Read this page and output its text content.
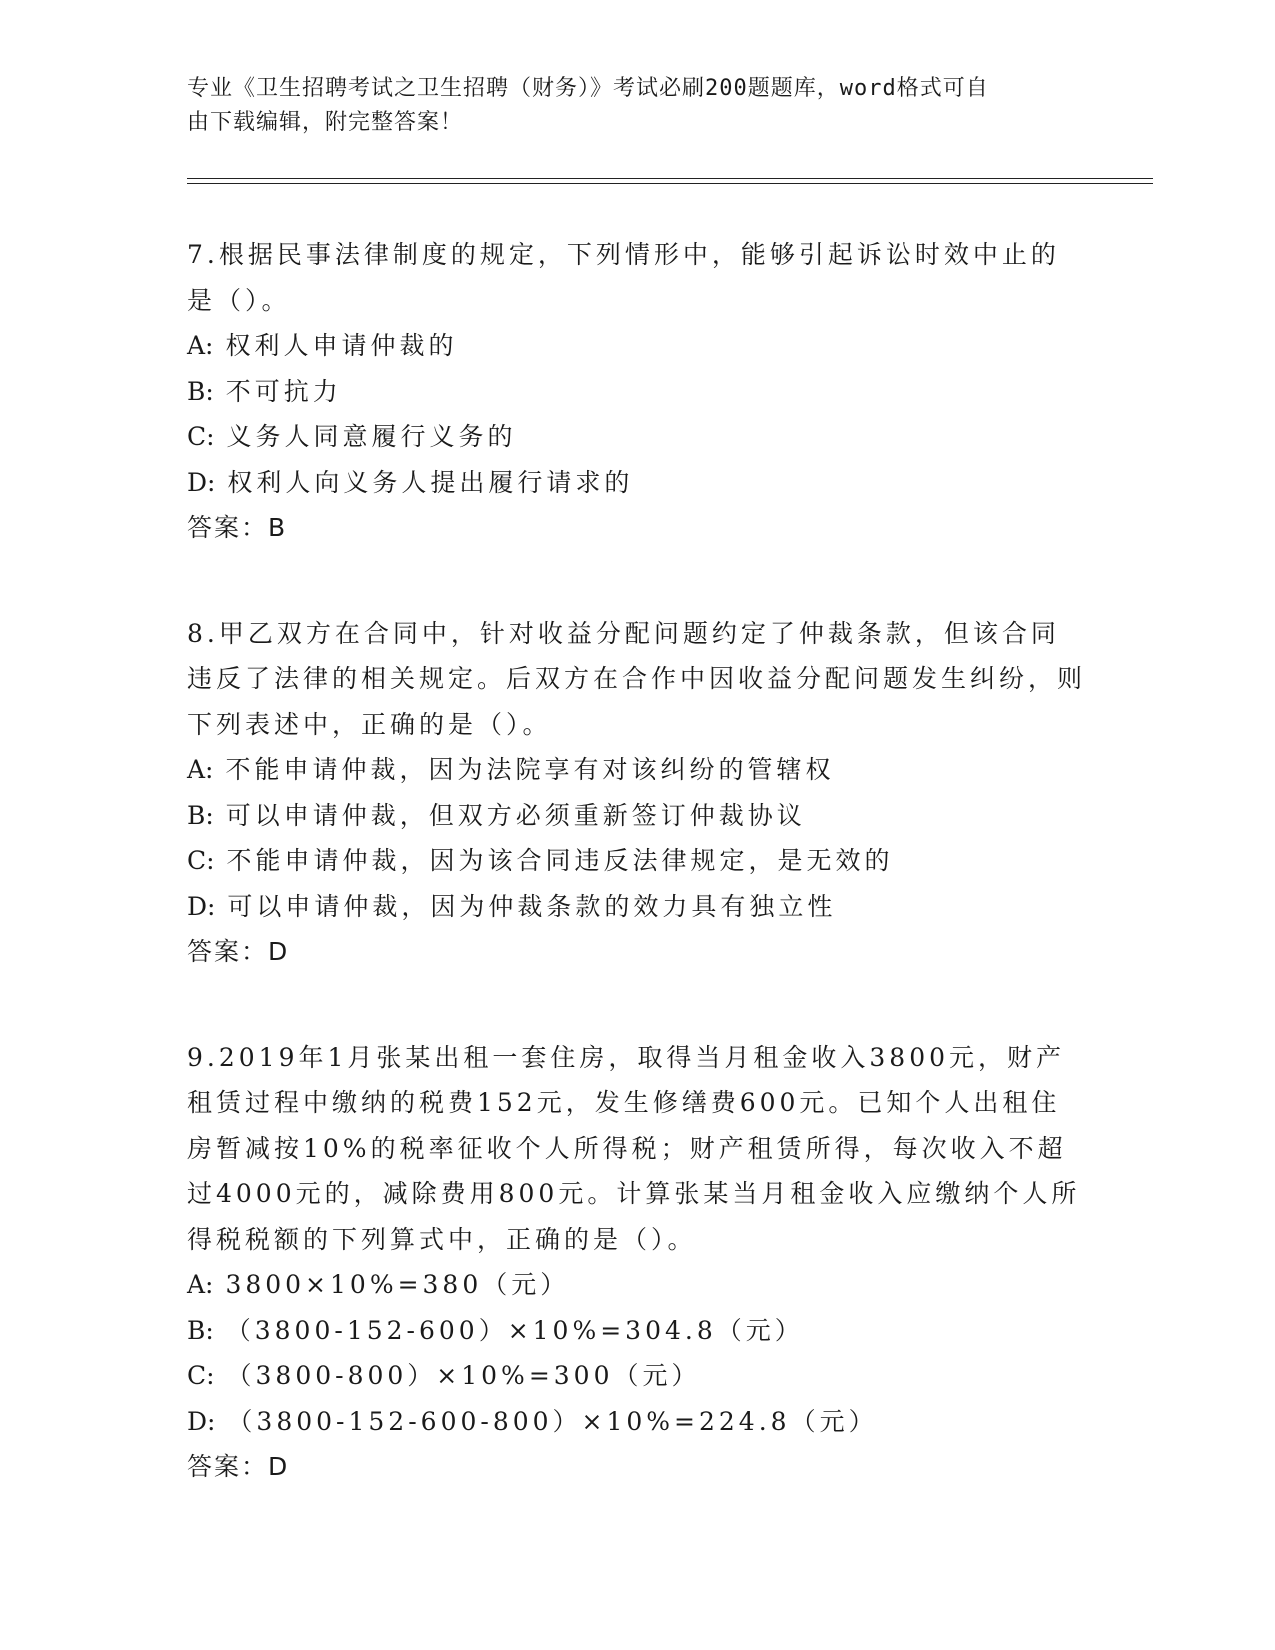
专业《卫生招聘考试之卫生招聘（财务）》考试必刷200题题库，word格式可自
由下载编辑，附完整答案！

7.根据民事法律制度的规定，下列情形中，能够引起诉讼时效中止的是（）。

A: 权利人申请仲裁的

B: 不可抗力

C: 义务人同意履行义务的

D: 权利人向义务人提出履行请求的

答案：B

8.甲乙双方在合同中，针对收益分配问题约定了仲裁条款，但该合同违反了法律的相关规定。后双方在合作中因收益分配问题发生纠纷，则下列表述中，正确的是（）。

A: 不能申请仲裁，因为法院享有对该纠纷的管辖权

B: 可以申请仲裁，但双方必须重新签订仲裁协议

C: 不能申请仲裁，因为该合同违反法律规定，是无效的

D: 可以申请仲裁，因为仲裁条款的效力具有独立性

答案：D

9.2019年1月张某出租一套住房，取得当月租金收入3800元，财产租赁过程中缴纳的税费152元，发生修缮费600元。已知个人出租住房暂减按10%的税率征收个人所得税；财产租赁所得，每次收入不超过4000元的，减除费用800元。计算张某当月租金收入应缴纳个人所得税税额的下列算式中，正确的是（）。

A: 3800×10%=380（元）

B: （3800-152-600）×10%=304.8（元）

C: （3800-800）×10%=300（元）

D: （3800-152-600-800）×10%=224.8（元）

答案：D
